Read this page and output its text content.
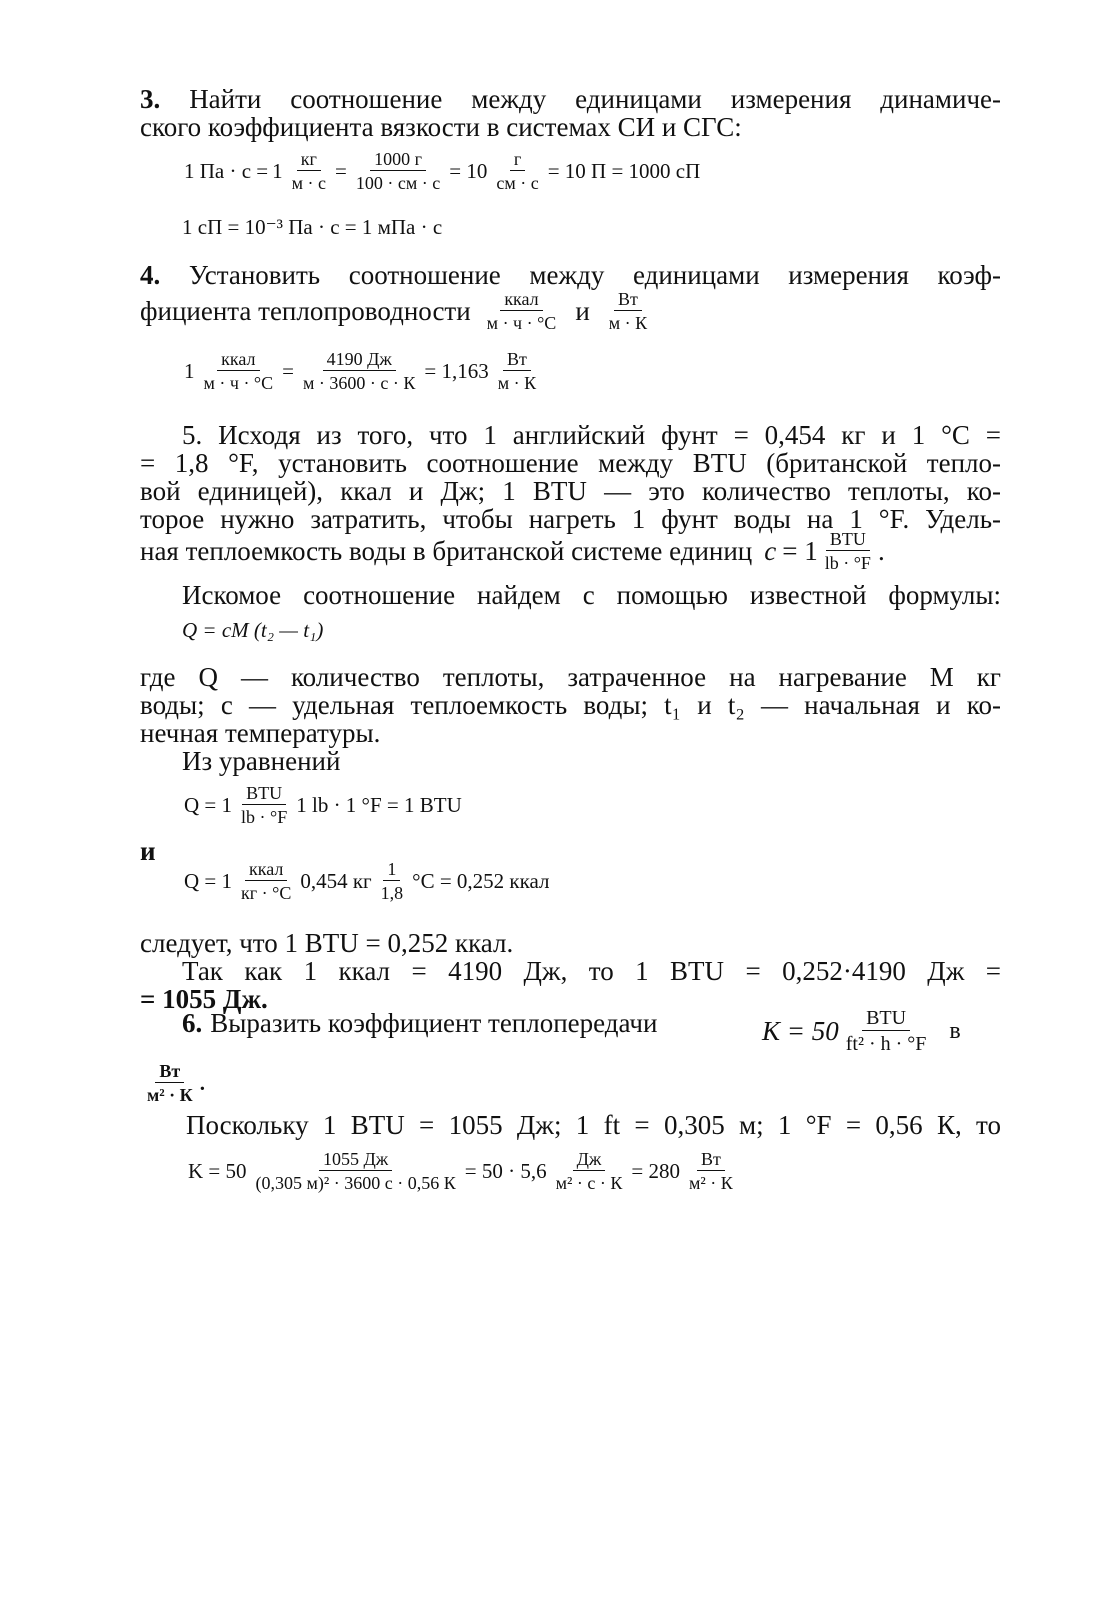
3. Найти соотношение между единицами измерения динамиче-
ского коэффициента вязкости в системах СИ и СГС:
1 Па · $с = 1 \frac{кг}{м \cdot с} = \frac{1000 г}{100 \cdot см \cdot с} = 10 \frac{г}{см \cdot с} = 10$ П = 1000 сП
1 сП = 10⁻³ Па · с = 1 мПа · с
4. Установить соотношение между единицами измерения коэф-
фициента теплопроводности $\frac{\text{ккал}}{м \cdot ч \cdot ^\circ С}$ и $\frac{Вт}{м \cdot К}$
$1 \frac{\text{ккал}}{м \cdot ч \cdot ^\circ С} = \frac{4190 Дж}{м \cdot 3600 \cdot с \cdot К} = 1,163 \frac{Вт}{м \cdot К}$
5. Исходя из того, что 1 английский фунт = 0,454 кг и 1 °С =
= 1,8 °F, установить соотношение между BTU (британской тепло-
вой единицей), ккал и Дж; 1 BTU — это количество теплоты, ко-
торое нужно затратить, чтобы нагреть 1 фунт воды на 1 °F. Удель-
ная теплоемкость воды в британской системе единиц $c = 1 \frac{\text{BTU}}{lb \cdot ^\circ F}$ .
Искомое соотношение найдем с помощью известной формулы:
Q = cM (t₂ — t₁)
где Q — количество теплоты, затраченное на нагревание M кг
воды; c — удельная теплоемкость воды; t₁ и t₂ — начальная и ко-
нечная температуры.
Из уравнений
$Q = 1 \frac{\text{BTU}}{lb \cdot ^\circ F} 1$ lb · 1 °F = 1 BTU
и
$Q = 1 \frac{\text{ккал}}{кг \cdot ^\circ С} 0,454$ кг $\frac{1}{1,8} ^\circ С = 0,252$ ккал
следует, что 1 BTU = 0,252 ккал.
Так как 1 ккал = 4190 Дж, то 1 BTU = 0,252·4190 Дж =
= 1055 Дж.
6. Выразить коэффициент теплопередачи	$K = 50 \frac{\text{BTU}}{\text{ft² · h · °F}}$ в
$\frac{Вт}{\text{м² · К}}$ .
Поскольку 1 BTU = 1055 Дж; 1 ft = 0,305 м; 1 °F = 0,56 К, то
$K = 50 \frac{1055 Дж}{\text{(0,305 м)² · 3600 с · 0,56 К}} = 50 \cdot 5,6 \frac{Дж}{\text{м² · с · К}} = 280 \frac{Вт}{\text{м² · К}}$
